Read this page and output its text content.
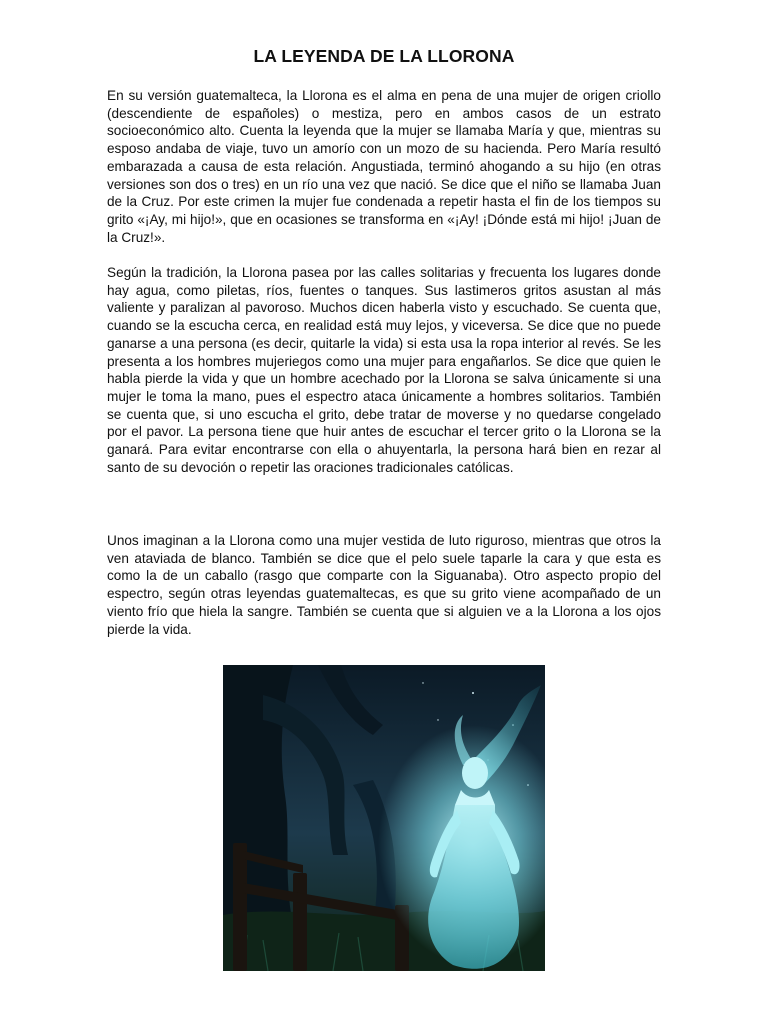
LA LEYENDA DE LA LLORONA

En su versión guatemalteca, la Llorona es el alma en pena de una mujer de origen criollo (descendiente de españoles) o mestiza, pero en ambos casos de un estrato socioeconómico alto. Cuenta la leyenda que la mujer se llamaba María y que, mientras su esposo andaba de viaje, tuvo un amorío con un mozo de su hacienda. Pero María resultó embarazada a causa de esta relación. Angustiada, terminó ahogando a su hijo (en otras versiones son dos o tres) en un río una vez que nació. Se dice que el niño se llamaba Juan de la Cruz. Por este crimen la mujer fue condenada a repetir hasta el fin de los tiempos su grito «¡Ay, mi hijo!», que en ocasiones se transforma en «¡Ay! ¡Dónde está mi hijo! ¡Juan de la Cruz!».

Según la tradición, la Llorona pasea por las calles solitarias y frecuenta los lugares donde hay agua, como piletas, ríos, fuentes o tanques. Sus lastimeros gritos asustan al más valiente y paralizan al pavoroso. Muchos dicen haberla visto y escuchado. Se cuenta que, cuando se la escucha cerca, en realidad está muy lejos, y viceversa. Se dice que no puede ganarse a una persona (es decir, quitarle la vida) si esta usa la ropa interior al revés. Se les presenta a los hombres mujeriegos como una mujer para engañarlos. Se dice que quien le habla pierde la vida y que un hombre acechado por la Llorona se salva únicamente si una mujer le toma la mano, pues el espectro ataca únicamente a hombres solitarios. También se cuenta que, si uno escucha el grito, debe tratar de moverse y no quedarse congelado por el pavor. La persona tiene que huir antes de escuchar el tercer grito o la Llorona se la ganará. Para evitar encontrarse con ella o ahuyentarla, la persona hará bien en rezar al santo de su devoción o repetir las oraciones tradicionales católicas.

Unos imaginan a la Llorona como una mujer vestida de luto riguroso, mientras que otros la ven ataviada de blanco. También se dice que el pelo suele taparle la cara y que esta es como la de un caballo (rasgo que comparte con la Siguanaba). Otro aspecto propio del espectro, según otras leyendas guatemaltecas, es que su grito viene acompañado de un viento frío que hiela la sangre. También se cuenta que si alguien ve a la Llorona a los ojos pierde la vida.
